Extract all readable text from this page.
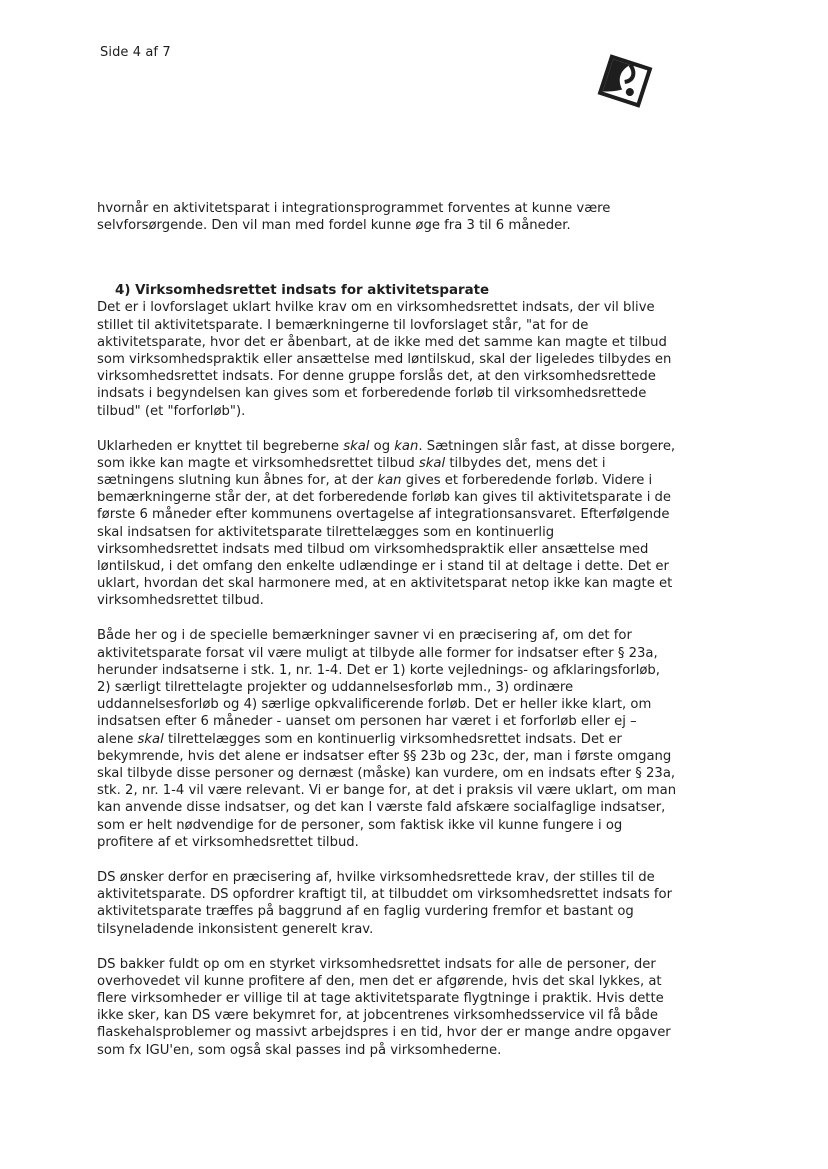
Side 4 af 7

hvornår en aktivitetsparat i integrationsprogrammet forventes at kunne være selvforsørgende. Den vil man med fordel kunne øge fra 3 til 6 måneder.

4) Virksomhedsrettet indsats for aktivitetsparate

Det er i lovforslaget uklart hvilke krav om en virksomhedsrettet indsats, der vil blive stillet til aktivitetsparate. I bemærkningerne til lovforslaget står, "at for de aktivitetsparate, hvor det er åbenbart, at de ikke med det samme kan magte et tilbud som virksomhedspraktik eller ansættelse med løntilskud, skal der ligeledes tilbydes en virksomhedsrettet indsats. For denne gruppe forslås det, at den virksomhedsrettede indsats i begyndelsen kan gives som et forberedende forløb til virksomhedsrettede tilbud" (et "forforløb").

Uklarheden er knyttet til begreberne skal og kan. Sætningen slår fast, at disse borgere, som ikke kan magte et virksomhedsrettet tilbud skal tilbydes det, mens det i sætningens slutning kun åbnes for, at der kan gives et forberedende forløb. Videre i bemærkningerne står der, at det forberedende forløb kan gives til aktivitetsparate i de første 6 måneder efter kommunens overtagelse af integrationsansvaret. Efterfølgende skal indsatsen for aktivitetsparate tilrettelægges som en kontinuerlig virksomhedsrettet indsats med tilbud om virksomhedspraktik eller ansættelse med løntilskud, i det omfang den enkelte udlændinge er i stand til at deltage i dette. Det er uklart, hvordan det skal harmonere med, at en aktivitetsparat netop ikke kan magte et virksomhedsrettet tilbud.

Både her og i de specielle bemærkninger savner vi en præcisering af, om det for aktivitetsparate forsat vil være muligt at tilbyde alle former for indsatser efter § 23a, herunder indsatserne i stk. 1, nr. 1-4. Det er 1) korte vejlednings- og afklaringsforløb, 2) særligt tilrettelagte projekter og uddannelsesforløb mm., 3) ordinære uddannelsesforløb og 4) særlige opkvalificerende forløb. Det er heller ikke klart, om indsatsen efter 6 måneder - uanset om personen har været i et forforløb eller ej – alene skal tilrettelægges som en kontinuerlig virksomhedsrettet indsats. Det er bekymrende, hvis det alene er indsatser efter §§ 23b og 23c, der, man i første omgang skal tilbyde disse personer og dernæst (måske) kan vurdere, om en indsats efter § 23a, stk. 2, nr. 1-4 vil være relevant. Vi er bange for, at det i praksis vil være uklart, om man kan anvende disse indsatser, og det kan I værste fald afskære socialfaglige indsatser, som er helt nødvendige for de personer, som faktisk ikke vil kunne fungere i og profitere af et virksomhedsrettet tilbud.

DS ønsker derfor en præcisering af, hvilke virksomhedsrettede krav, der stilles til de aktivitetsparate. DS opfordrer kraftigt til, at tilbuddet om virksomhedsrettet indsats for aktivitetsparate træffes på baggrund af en faglig vurdering fremfor et bastant og tilsyneladende inkonsistent generelt krav.

DS bakker fuldt op om en styrket virksomhedsrettet indsats for alle de personer, der overhovedet vil kunne profitere af den, men det er afgørende, hvis det skal lykkes, at flere virksomheder er villige til at tage aktivitetsparate flygtninge i praktik. Hvis dette ikke sker, kan DS være bekymret for, at jobcentrenes virksomhedsservice vil få både flaskehalsproblemer og massivt arbejdspres i en tid, hvor der er mange andre opgaver som fx IGU'en, som også skal passes ind på virksomhederne.
